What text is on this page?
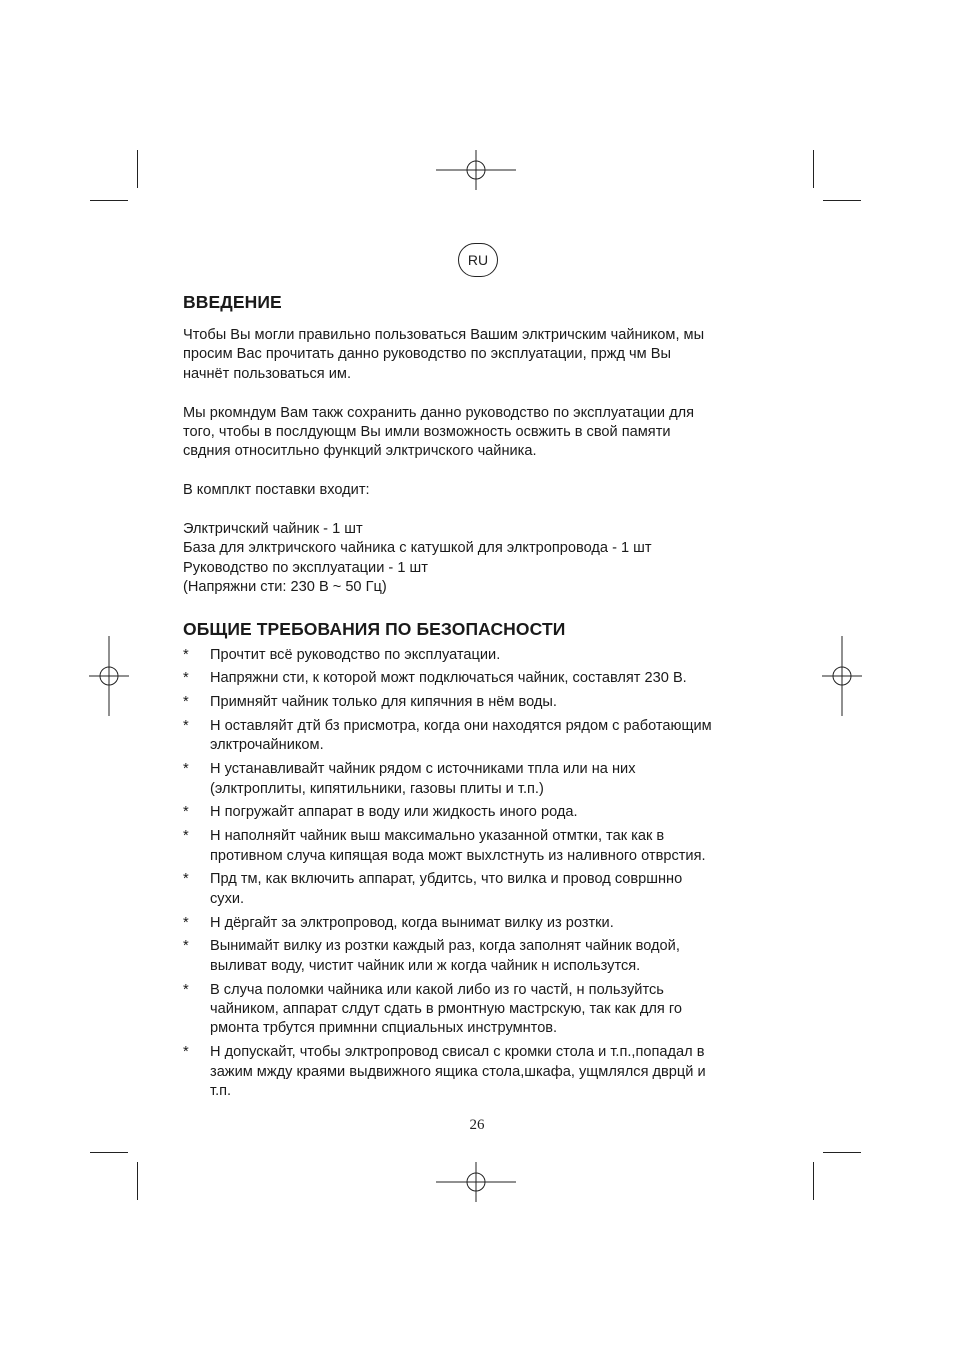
RU
ВВЕДЕНИЕ

Чтобы Вы могли правильно пользоваться Вашим элктричским чайником, мы
просим Вас прочитать данно руководство по эксплуатации, пржд чм Вы
начнёт пользоваться им.

Мы ркомндум Вам такж сохранить данно руководство по эксплуатации для
того, чтобы в послдующм Вы имли возможность освжить в свой памяти
свдния относитльно функций элктричского чайника.

В комплкт поставки входит:

Элктричский чайник - 1 шт
База для элктричского чайника с катушкой для элктропровода - 1 шт
Руководство по эксплуатации - 1 шт
(Напряжни сти: 230 В ~ 50 Гц)

ОБЩИЕ ТРЕБОВАНИЯ ПО БЕЗОПАСНОСТИ
* Прочтит всё руководство по эксплуатации.
* Напряжни сти, к которой можт подключаться чайник, составлят 230 В.
* Примняйт чайник только для кипячния в нём воды.
* Н оставляйт дтй бз присмотра, когда они находятся рядом с работающим
элктрочайником.
* Н устанавливайт чайник рядом с источниками тпла или на них
(элктроплиты, кипятильники, газовы плиты и т.п.)
* Н погружайт аппарат в воду или жидкость иного рода.
* Н наполняйт чайник выш максимально указанной отмтки, так как в
противном случа кипящая вода можт выхлстнуть из наливного отврстия.
* Прд тм, как включить аппарат, убдитсь, что вилка и провод совршнно
сухи.
* Н дёргайт за элктропровод, когда вынимат вилку из розтки.
* Вынимайт вилку из розтки каждый раз, когда заполнят чайник водой,
выливат воду, чистит чайник или ж когда чайник н использутся.
* В случа поломки чайника или какой либо из го частй, н пользуйтсь
чайником, аппарат слдут сдать в рмонтную мастрскую, так как для го
рмонта трбутся примнни спциальных инструмнтов.
* Н допускайт, чтобы элктропровод свисал с кромки стола и т.п.,попадал в
зажим мжду краями выдвижного ящика стола,шкафа, ущмлялся дврцй и
т.п.
26
